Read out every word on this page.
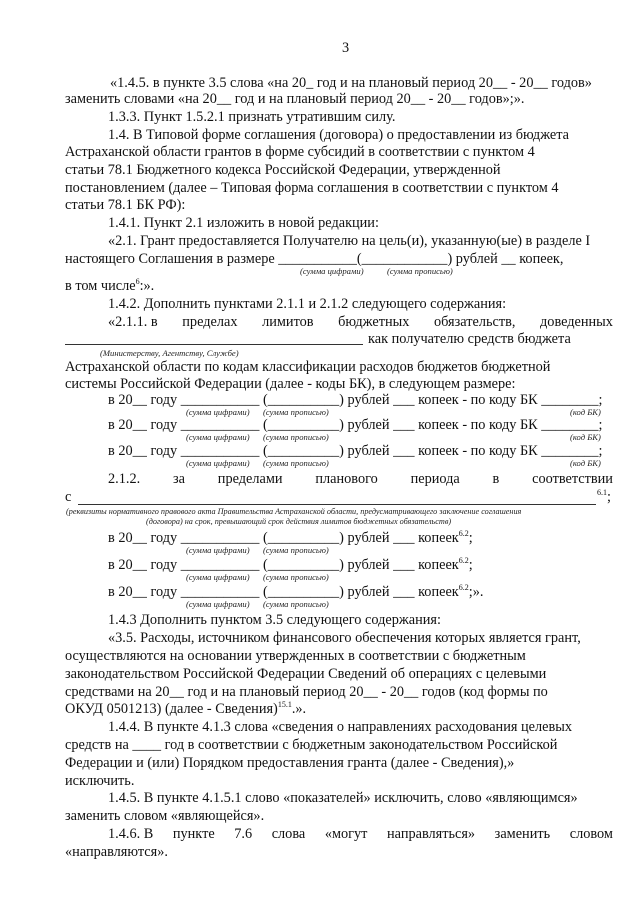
3
«1.4.5. в пункте 3.5 слова «на 20_ год и на плановый период 20__ - 20__ годов»
заменить словами «на 20__ год и на плановый период 20__ - 20__ годов»;».
1.3.3. Пункт 1.5.2.1 признать утратившим силу.
1.4. В Типовой форме соглашения (договора) о предоставлении из бюджета
Астраханской области грантов в форме субсидий в соответствии с пунктом 4
статьи 78.1 Бюджетного кодекса Российской Федерации, утвержденной
постановлением (далее – Типовая форма соглашения в соответствии с пунктом 4
статьи 78.1 БК РФ):
1.4.1. Пункт 2.1 изложить в новой редакции:
«2.1. Грант предоставляется Получателю на цель(и), указанную(ые) в разделе I
настоящего Соглашения в размере ___________(____________) рублей __ копеек,
(сумма цифрами)	(сумма прописью)
в том числе$^6$:».
1.4.2. Дополнить пунктами 2.1.1 и 2.1.2 следующего содержания:
«2.1.1. в пределах лимитов бюджетных обязательств, доведенных
как получателю средств бюджета
(Министерству, Агентству, Службе)
Астраханской области по кодам классификации расходов бюджетов бюджетной
системы Российской Федерации (далее - коды БК), в следующем размере:
в 20__ году ___________ (__________) рублей ___ копеек - по коду БК ________;
(сумма цифрами) (сумма прописью)	(код БК)
в 20__ году ___________ (__________) рублей ___ копеек - по коду БК ________;
(сумма цифрами) (сумма прописью)	(код БК)
в 20__ году ___________ (__________) рублей ___ копеек - по коду БК ________;
(сумма цифрами) (сумма прописью)	(код БК)
2.1.2. за пределами планового периода в соответствии
с	$^{6.1}$;
(реквизиты нормативного правового акта Правительства Астраханской области, предусматривающего заключение соглашения
(договора) на срок, превышающий срок действия лимитов бюджетных обязательств)
в 20__ году ___________ (__________) рублей ___ копеек$^{6.2}$;
(сумма цифрами) (сумма прописью)
в 20__ году ___________ (__________) рублей ___ копеек$^{6.2}$;
(сумма цифрами) (сумма прописью)
в 20__ году ___________ (__________) рублей ___ копеек$^{6.2}$;».
(сумма цифрами) (сумма прописью)
1.4.3 Дополнить пунктом 3.5 следующего содержания:
«3.5. Расходы, источником финансового обеспечения которых является грант,
осуществляются на основании утвержденных в соответствии с бюджетным
законодательством Российской Федерации Сведений об операциях с целевыми
средствами на 20__ год и на плановый период 20__ - 20__ годов (код формы по
ОКУД 0501213) (далее - Сведения)$^{15.1}$.».
1.4.4. В пункте 4.1.3 слова «сведения о направлениях расходования целевых
средств на ____ год в соответствии с бюджетным законодательством Российской
Федерации и (или) Порядком предоставления гранта (далее - Сведения),»
исключить.
1.4.5. В пункте 4.1.5.1 слово «показателей» исключить, слово «являющимся»
заменить словом «являющейся».
1.4.6. В пункте 7.6 слова «могут направляться» заменить словом
«направляются».
